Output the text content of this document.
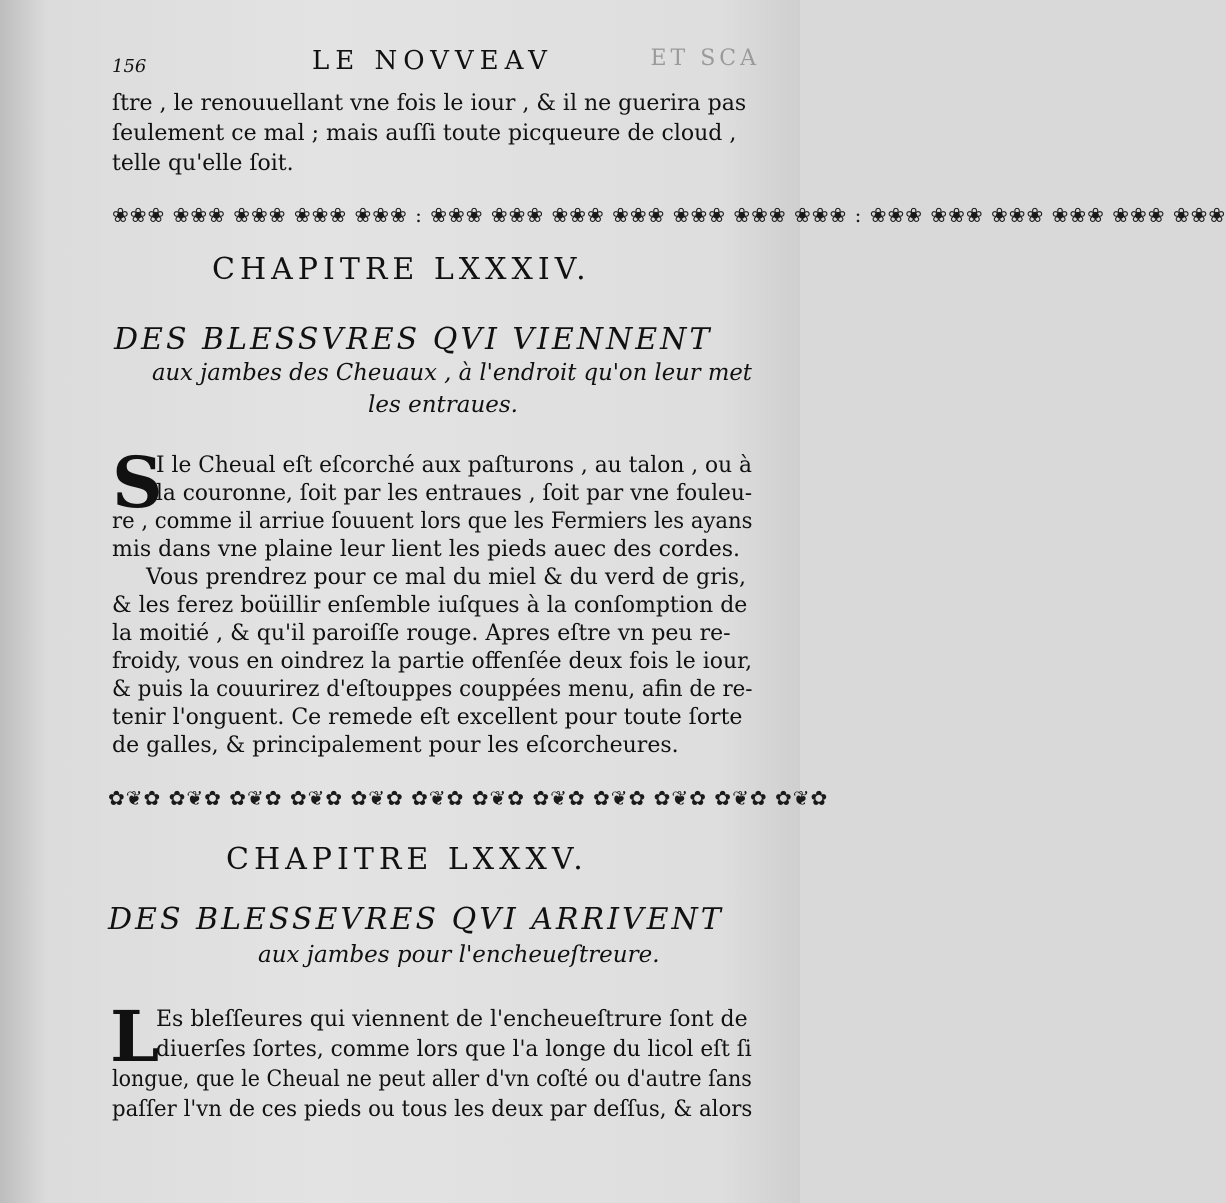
156	LE NOVVEAV	ET SCA
ſtre , le renouuellant vne fois le iour , & il ne guerira pas
ſeulement ce mal ; mais auſſi toute picqueure de cloud ,
telle qu'elle ſoit.
❀❀❀ ❀❀❀ ❀❀❀ ❀❀❀ ❀❀❀ : ❀❀❀ ❀❀❀ ❀❀❀ ❀❀❀ ❀❀❀ ❀❀❀ ❀❀❀ : ❀❀❀ ❀❀❀ ❀❀❀ ❀❀❀ ❀❀❀ ❀❀❀
CHAPITRE LXXXIV.
DES BLESSVRES QVI VIENNENT
aux jambes des Cheuaux , à l'endroit qu'on leur met
les entraues.
S
I le Cheual eſt eſcorché aux paſturons , au talon , ou à
la couronne, ſoit par les entraues , ſoit par vne fouleu-
re , comme il arriue ſouuent lors que les Fermiers les ayans
mis dans vne plaine leur lient les pieds auec des cordes.
Vous prendrez pour ce mal du miel & du verd de gris,
& les ferez boüillir enſemble iuſques à la conſomption de
la moitié , & qu'il paroiſſe rouge. Apres eſtre vn peu re-
froidy, vous en oindrez la partie offenſée deux fois le iour,
& puis la couurirez d'eſtouppes couppées menu, afin de re-
tenir l'onguent. Ce remede eſt excellent pour toute ſorte
de galles, & principalement pour les eſcorcheures.
✿❦✿ ✿❦✿ ✿❦✿ ✿❦✿ ✿❦✿ ✿❦✿ ✿❦✿ ✿❦✿ ✿❦✿ ✿❦✿ ✿❦✿ ✿❦✿
CHAPITRE LXXXV.
DES BLESSEVRES QVI ARRIVENT
aux jambes pour l'encheueſtreure.
L
Es bleſſeures qui viennent de l'encheueſtrure ſont de
diuerſes ſortes, comme lors que l'a longe du licol eſt ſi
longue, que le Cheual ne peut aller d'vn coſté ou d'autre ſans
paſſer l'vn de ces pieds ou tous les deux par deſſus, & alors
